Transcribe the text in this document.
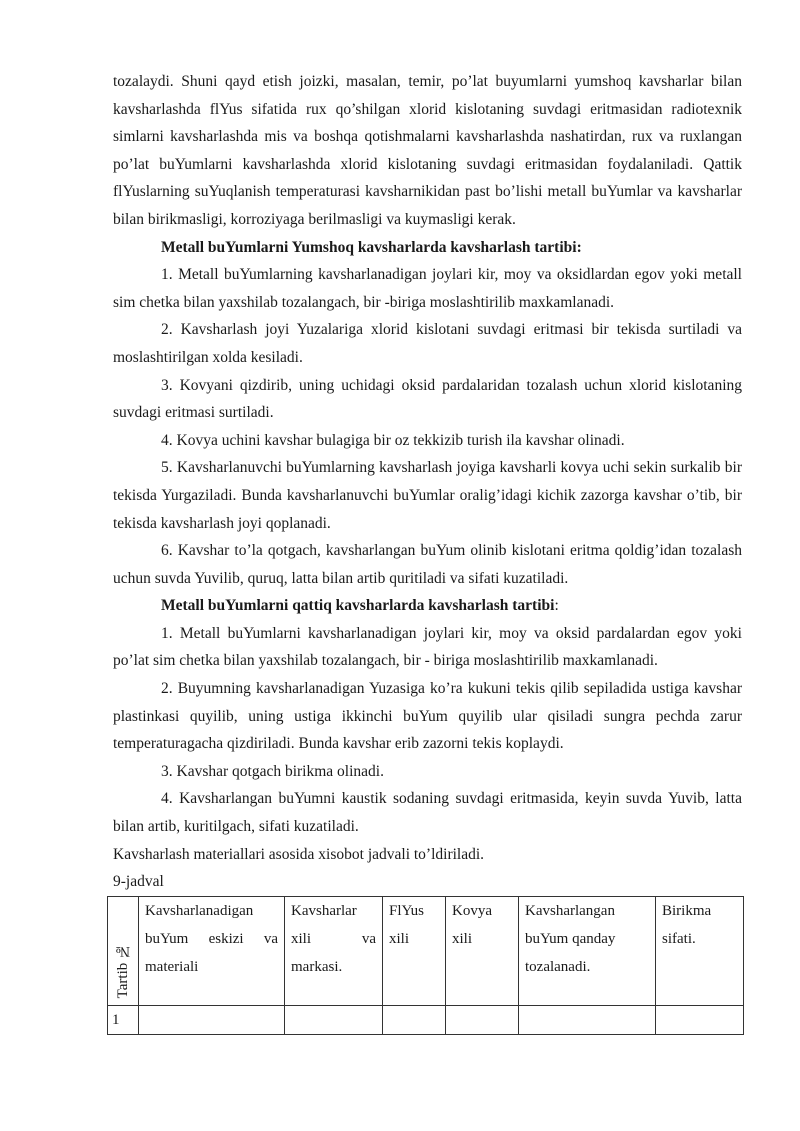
tozalaydi. Shuni qayd etish joizki, masalan, temir, po’lat buyumlarni yumshoq kavsharlar bilan kavsharlashda flYus sifatida rux qo’shilgan xlorid kislotaning suvdagi eritmasidan radiotexnik simlarni kavsharlashda mis va boshqa qotishmalarni kavsharlashda nashatirdan, rux va ruxlangan po’lat buYumlarni kavsharlashda xlorid kislotaning suvdagi eritmasidan foydalaniladi. Qattik flYuslarning suYuqlanish temperaturasi kavsharnikidan past bo’lishi metall buYumlar va kavsharlar bilan birikmasligi, korroziyaga berilmasligi va kuymasligi kerak.

Metall buYumlarni Yumshoq kavsharlarda kavsharlash tartibi:

1. Metall buYumlarning kavsharlanadigan joylari kir, moy va oksidlardan egov yoki metall sim chetka bilan yaxshilab tozalangach, bir -biriga moslashtirilib maxkamlanadi.

2. Kavsharlash joyi Yuzalariga xlorid kislotani suvdagi eritmasi bir tekisda surtiladi va moslashtirilgan xolda kesiladi.

3. Kovyani qizdirib, uning uchidagi oksid pardalaridan tozalash uchun xlorid kislotaning suvdagi eritmasi surtiladi.

4. Kovya uchini kavshar bulagiga bir oz tekkizib turish ila kavshar olinadi.

5. Kavsharlanuvchi buYumlarning kavsharlash joyiga kavsharli kovya uchi sekin surkalib bir tekisda Yurgaziladi. Bunda kavsharlanuvchi buYumlar oralig’idagi kichik zazorga kavshar o’tib, bir tekisda kavsharlash joyi qoplanadi.

6. Kavshar to’la qotgach, kavsharlangan buYum olinib kislotani eritma qoldig’idan tozalash uchun suvda Yuvilib, quruq, latta bilan artib quritiladi va sifati kuzatiladi.

Metall buYumlarni qattiq kavsharlarda kavsharlash tartibi:

1. Metall buYumlarni kavsharlanadigan joylari kir, moy va oksid pardalardan egov yoki po’lat sim chetka bilan yaxshilab tozalangach, bir - biriga moslashtirilib maxkamlanadi.

2. Buyumning kavsharlanadigan Yuzasiga ko’ra kukuni tekis qilib sepiladida ustiga kavshar plastinkasi quyilib, uning ustiga ikkinchi buYum quyilib ular qisiladi sungra pechda zarur temperaturagacha qizdiriladi. Bunda kavshar erib zazorni tekis koplaydi.

3. Kavshar qotgach birikma olinadi.

4. Kavsharlangan buYumni kaustik sodaning suvdagi eritmasida, keyin suvda Yuvib, latta bilan artib, kuritilgach, sifati kuzatiladi.

Kavsharlash materiallari asosida xisobot jadvali to’ldiriladi.

9-jadval

Tartib №	Kavsharlanadigan
buYum eskizi va
materiali	Kavsharlar
xili va
markasi.	FlYus xili	Kovya xili	Kavsharlangan
buYum qanday
tozalanadi.	Birikma
sifati.

1						
